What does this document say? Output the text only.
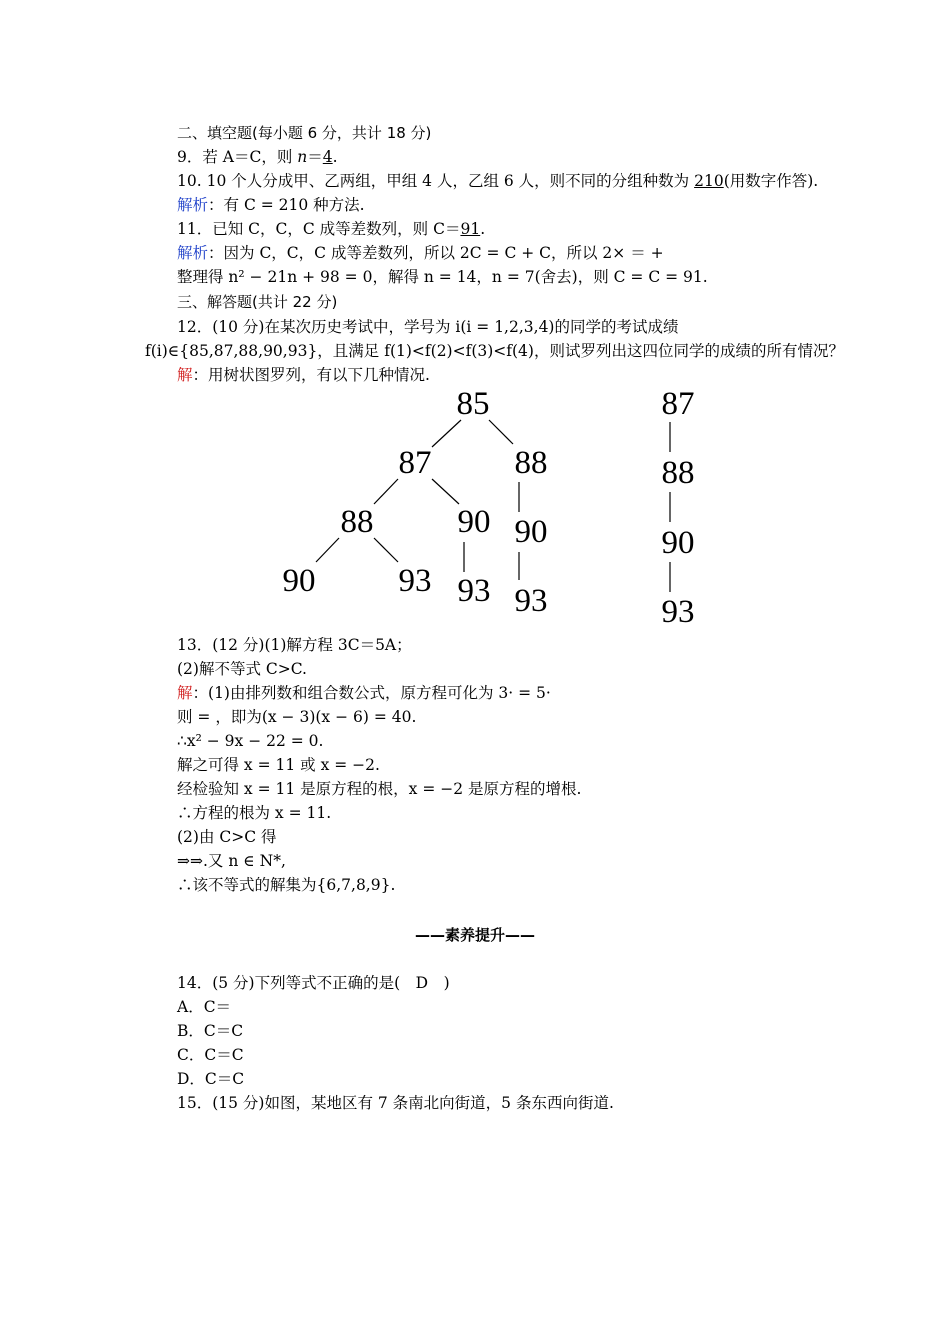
二、填空题(每小题 6 分，共计 18 分)
9．若 A＝C，则 n＝4.
10. 10 个人分成甲、乙两组，甲组 4 人，乙组 6 人，则不同的分组种数为 210(用数字作答).
解析：有 C = 210 种方法.
11．已知 C，C，C 成等差数列，则 C＝91.
解析：因为 C，C，C 成等差数列，所以 2C = C + C，所以 2× ＝ +
整理得 n² − 21n + 98 = 0，解得 n = 14，n = 7(舍去)，则 C = C = 91.
三、解答题(共计 22 分)
12．(10 分)在某次历史考试中，学号为 i(i = 1,2,3,4)的同学的考试成绩
f(i)∈{85,87,88,90,93}，且满足 f(1)<f(2)<f(3)<f(4)，则试罗列出这四位同学的成绩的所有情况？
解：用树状图罗列，有以下几种情况.
85
87	88
88	90 90
90	93 93 93
87
88
90
93
13．(12 分)(1)解方程 3C＝5A；
(2)解不等式 C>C.
解：(1)由排列数和组合数公式，原方程可化为 3· = 5·
则 = ，即为(x − 3)(x − 6) = 40.
∴x² − 9x − 22 = 0.
解之可得 x = 11 或 x = −2.
经检验知 x = 11 是原方程的根，x = −2 是原方程的增根.
∴方程的根为 x = 11.
(2)由 C>C 得
⇒⇒.又 n ∈ N*,
∴该不等式的解集为{6,7,8,9}.
——素养提升——
14．(5 分)下列等式不正确的是(　D　)
A．C＝
B．C＝C
C．C＝C
D．C＝C
15．(15 分)如图，某地区有 7 条南北向街道，5 条东西向街道.
